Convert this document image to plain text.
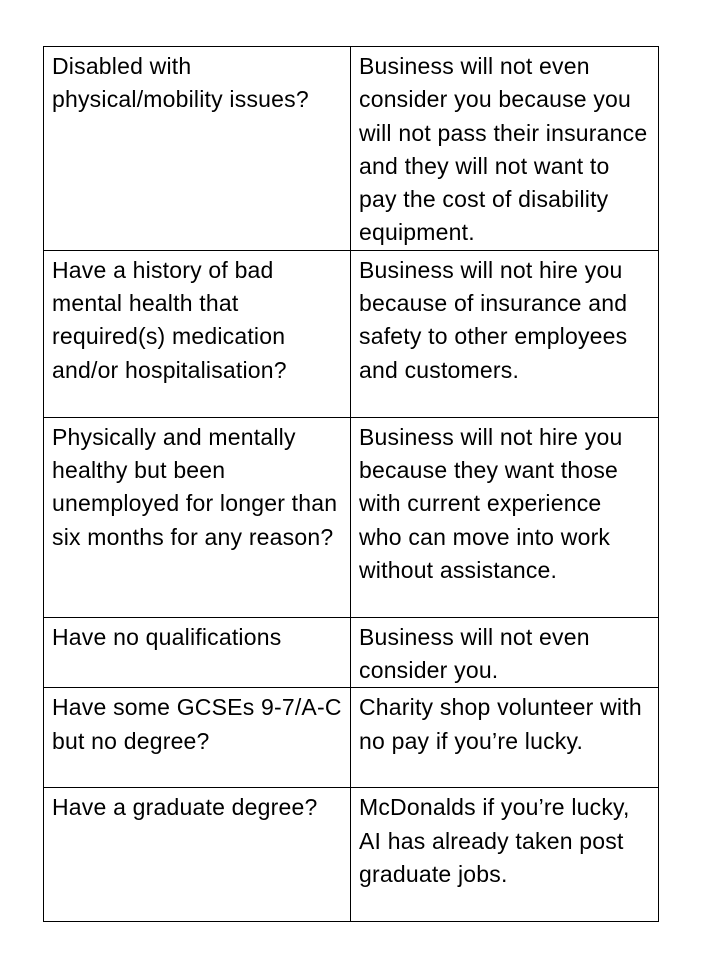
Disabled with physical/mobility issues?	Business will not even consider you because you will not pass their insurance and they will not want to pay the cost of disability equipment.
Have a history of bad mental health that required(s) medication and/or hospitalisation?	Business will not hire you because of insurance and safety to other employees and customers.
Physically and mentally healthy but been unemployed for longer than six months for any reason?	Business will not hire you because they want those with current experience who can move into work without assistance.
Have no qualifications	Business will not even consider you.
Have some GCSEs 9-7/A-C but no degree?	Charity shop volunteer with no pay if you’re lucky.
Have a graduate degree?	McDonalds if you’re lucky, AI has already taken post graduate jobs.
